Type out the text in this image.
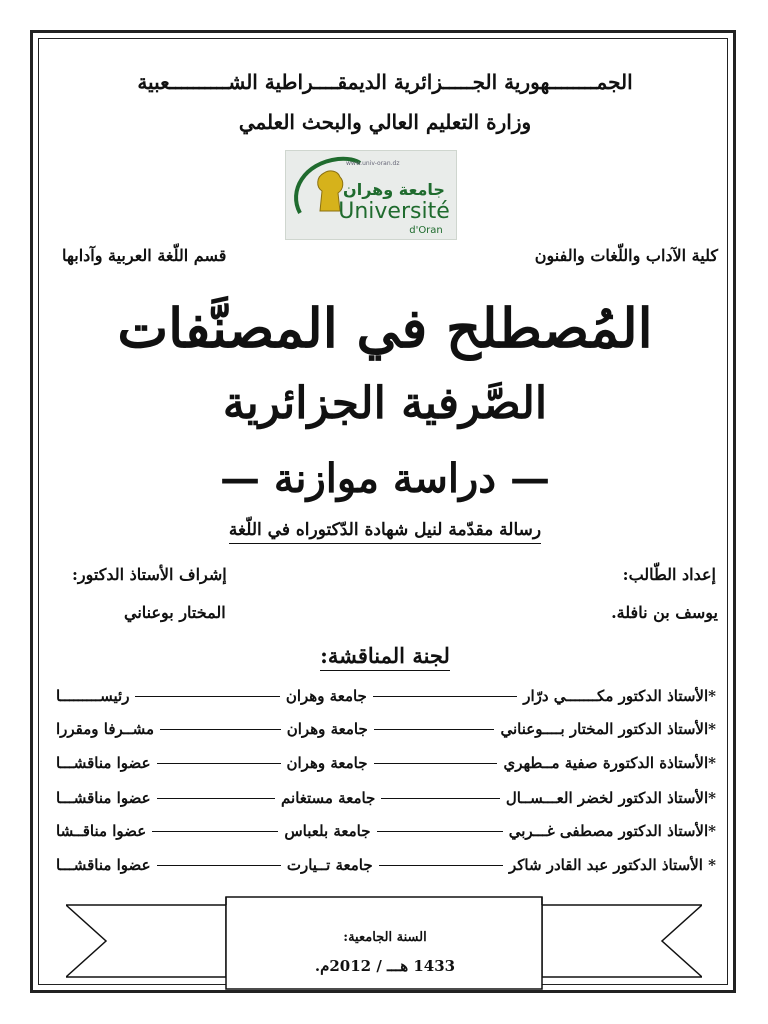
الجمــــــــهورية الجـــــزائرية الديمقــــراطية الشــــــــــعبية
وزارة التعليم العالي والبحث العلمي
www.univ-oran.dz
جامعة وهران
Université
d'Oran
كلية الآداب واللّغات والفنون
قسم اللّغة العربية وآدابها
المُصطلح في المصنَّفات
الصَّرفية الجزائرية
— دراسة موازنة —
رسالة مقدّمة لنيل شهادة الدّكتوراه في اللّغة
إعداد الطّالب:
إشراف الأستاذ الدكتور:
يوسف بن نافلة.
المختار بوعناني
لجنة المناقشة:
*الأستاذ الدكتور مكـــــــي درّار
جامعة وهران
رئيســـــــــا
*الأستاذ الدكتور المختار بــــوعناني
جامعة وهران
مشــرفا ومقررا
*الأستاذة الدكتورة صفية مــطهري
جامعة وهران
عضوا مناقشـــا
*الأستاذ الدكتور لخضر العـــســال
جامعة مستغانم
عضوا مناقشـــا
*الأستاذ الدكتور مصطفى غـــربي
جامعة بلعباس
عضوا مناقــشا
* الأستاذ الدكتور عبد القادر شاكر
جامعة تــيارت
عضوا مناقشـــا
السنة الجامعية:
1433 هـــ / 2012م.
